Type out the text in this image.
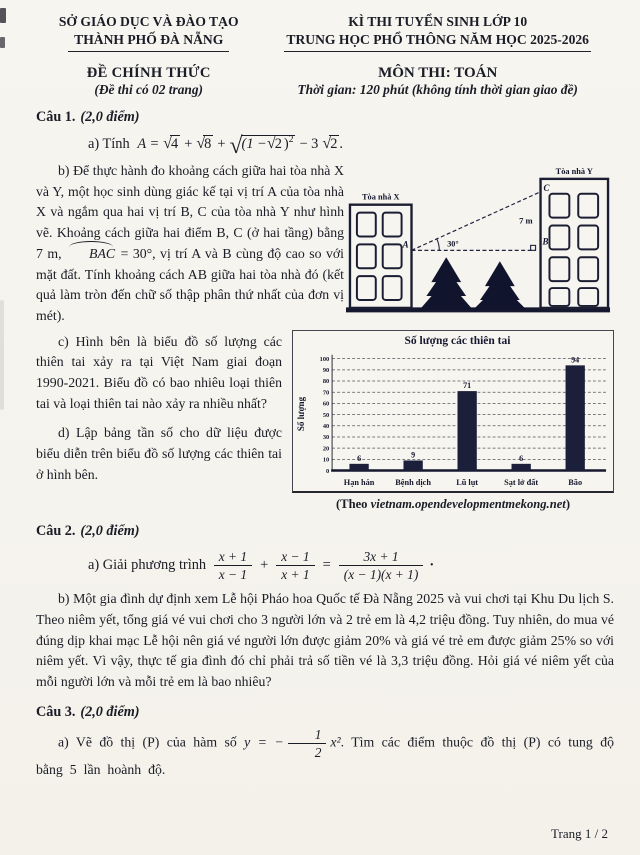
SỞ GIÁO DỤC VÀ ĐÀO TẠO
THÀNH PHỐ ĐÀ NẴNG
ĐỀ CHÍNH THỨC
(Đề thi có 02 trang)
KÌ THI TUYỂN SINH LỚP 10
TRUNG HỌC PHỔ THÔNG NĂM HỌC 2025-2026
MÔN THI: TOÁN
Thời gian: 120 phút (không tính thời gian giao đề)
Câu 1. (2,0 điểm)

a) Tính A = √4 + √8 + √(1 −√2 )$^2$ − 3 √2 .

b) Để thực hành đo khoảng cách giữa hai tòa nhà X và Y, một học sinh dùng giác kế tại vị trí A của tòa nhà X và ngắm qua hai vị trí B, C của tòa nhà Y như hình vẽ. Khoảng cách giữa hai điểm B, C (ở hai tầng) bằng 7 m, BAC = 30°, vị trí A và B cùng độ cao so với mặt đất. Tính khoảng cách AB giữa hai tòa nhà đó (kết quả làm tròn đến chữ số thập phân thứ nhất của đơn vị mét).

Tòa nhà X
Tòa nhà Y
A	B
C
30°
7 m

c) Hình bên là biểu đồ số lượng các thiên tai xảy ra tại Việt Nam giai đoạn 1990-2021. Biểu đồ có bao nhiêu loại thiên tai và loại thiên tai nào xảy ra nhiều nhất?

d) Lập bảng tần số cho dữ liệu được biểu diễn trên biểu đồ số lượng các thiên tai ở hình bên.

Số lượng các thiên tai
Số lượng
0
10
20
30
40
50
60
70
80
90
100
6
Hạn hán
9
Bệnh dịch
71
Lũ lụt
6
Sạt lở đất
94
Bão
(Theo vietnam.opendevelopmentmekong.net)
Câu 2. (2,0 điểm)

a) Giải phương trình $\frac{x + 1}{x - 1} + \frac{x - 1}{x + 1} = \frac{3x + 1}{(x - 1)(x + 1)}$ ·

b) Một gia đình dự định xem Lễ hội Pháo hoa Quốc tế Đà Nẵng 2025 và vui chơi tại Khu Du lịch S. Theo niêm yết, tổng giá vé vui chơi cho 3 người lớn và 2 trẻ em là 4,2 triệu đồng. Tuy nhiên, do mua vé đúng dịp khai mạc Lễ hội nên giá vé người lớn được giảm 20% và giá vé trẻ em được giảm 25% so với niêm yết. Vì vậy, thực tế gia đình đó chỉ phải trả số tiền vé là 3,3 triệu đồng. Hỏi giá vé niêm yết của mỗi người lớn và mỗi trẻ em là bao nhiêu?

Câu 3. (2,0 điểm)

a) Vẽ đồ thị (P) của hàm số y = − $\frac{1}{2} x^2$. Tìm các điểm thuộc đồ thị (P) có tung độ bằng 5 lần hoành độ.

Trang 1 / 2
